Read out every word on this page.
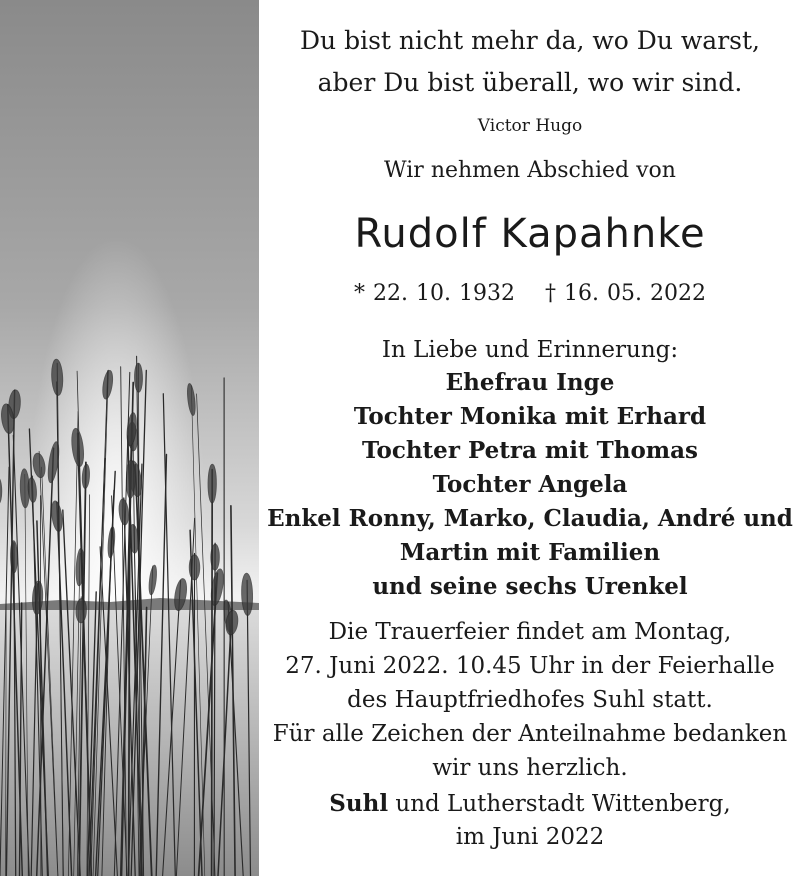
Du bist nicht mehr da, wo Du warst,
aber Du bist überall, wo wir sind.
Victor Hugo
Wir nehmen Abschied von
Rudolf Kapahnke
* 22. 10. 1932 † 16. 05. 2022
In Liebe und Erinnerung:
Ehefrau Inge
Tochter Monika mit Erhard
Tochter Petra mit Thomas
Tochter Angela
Enkel Ronny, Marko, Claudia, André und
Martin mit Familien
und seine sechs Urenkel
Die Trauerfeier findet am Montag,
27. Juni 2022. 10.45 Uhr in der Feierhalle
des Hauptfriedhofes Suhl statt.
Für alle Zeichen der Anteilnahme bedanken
wir uns herzlich.
Suhl und Lutherstadt Wittenberg,
im Juni 2022
